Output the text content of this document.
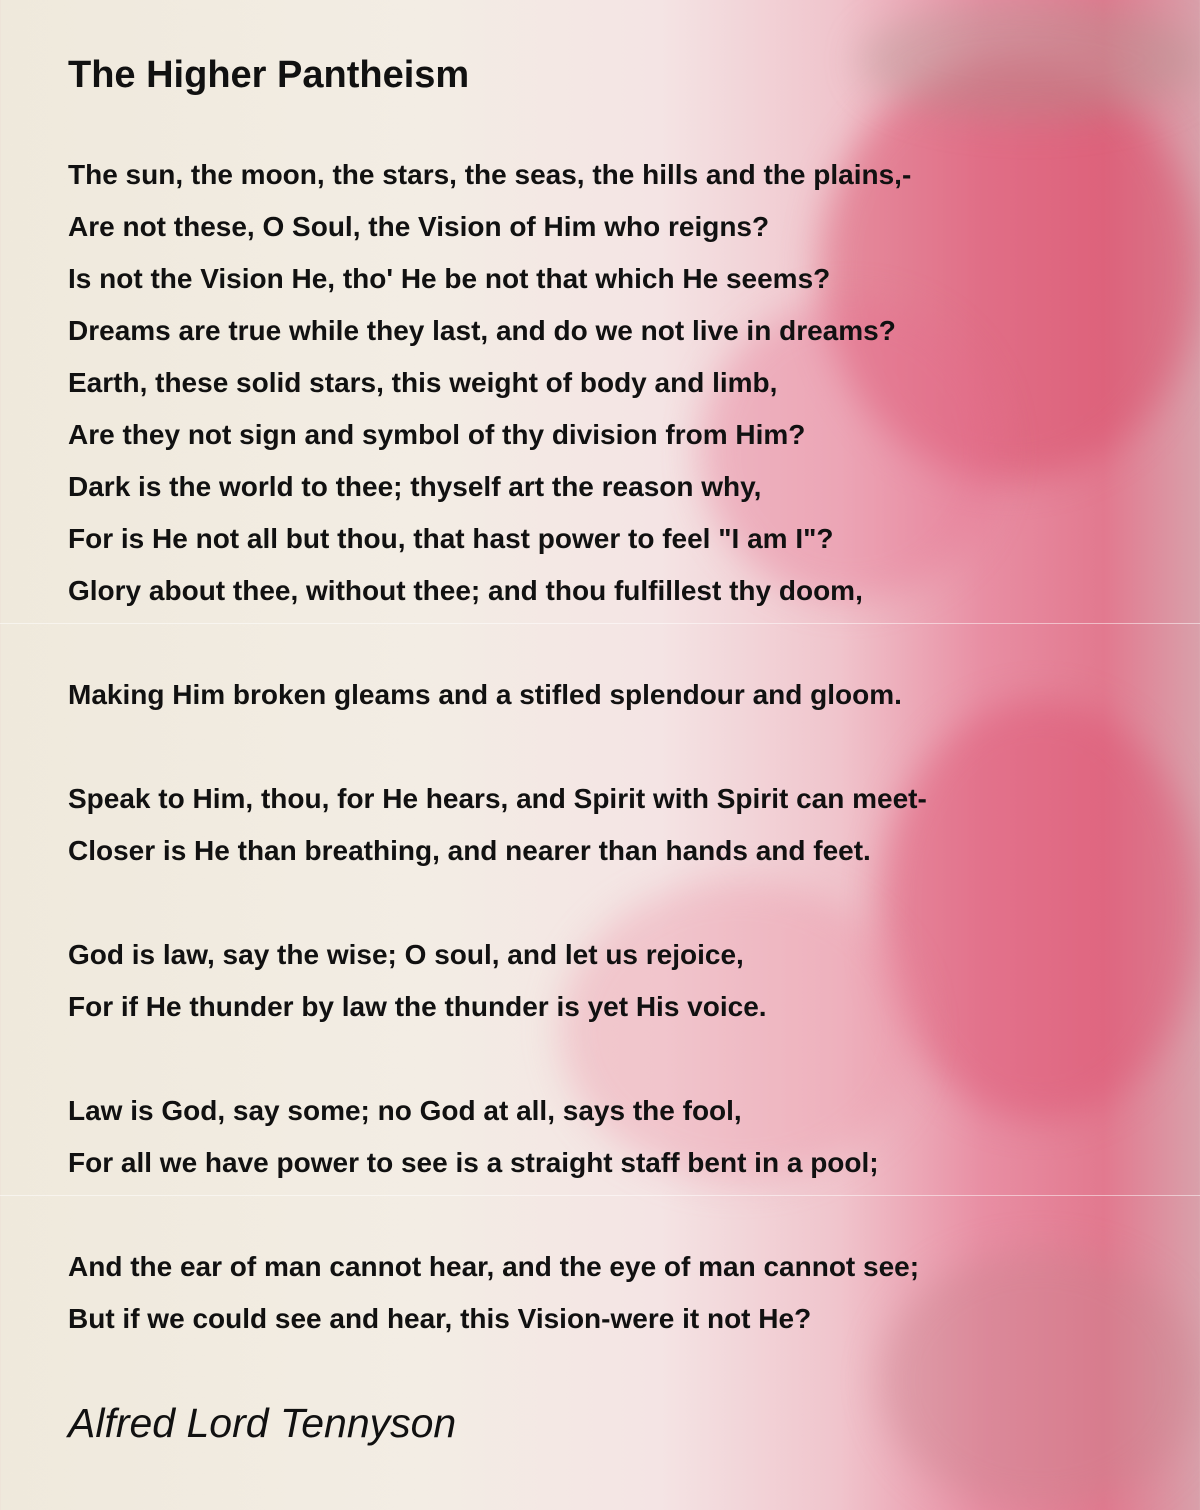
The Higher Pantheism
The sun, the moon, the stars, the seas, the hills and the plains,-
Are not these, O Soul, the Vision of Him who reigns?
Is not the Vision He, tho' He be not that which He seems?
Dreams are true while they last, and do we not live in dreams?
Earth, these solid stars, this weight of body and limb,
Are they not sign and symbol of thy division from Him?
Dark is the world to thee; thyself art the reason why,
For is He not all but thou, that hast power to feel "I am I"?
Glory about thee, without thee; and thou fulfillest thy doom,
Making Him broken gleams and a stifled splendour and gloom.
Speak to Him, thou, for He hears, and Spirit with Spirit can meet-
Closer is He than breathing, and nearer than hands and feet.
God is law, say the wise; O soul, and let us rejoice,
For if He thunder by law the thunder is yet His voice.
Law is God, say some; no God at all, says the fool,
For all we have power to see is a straight staff bent in a pool;
And the ear of man cannot hear, and the eye of man cannot see;
But if we could see and hear, this Vision-were it not He?
Alfred Lord Tennyson
